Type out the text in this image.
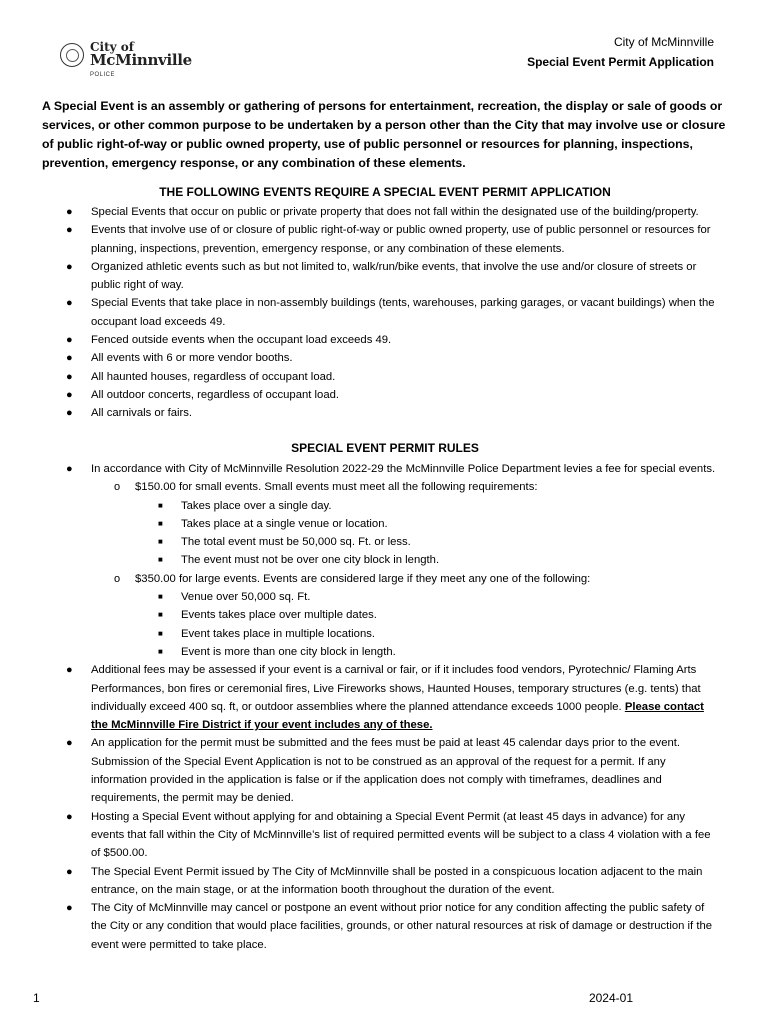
City of
McMinnville
POLICE
City of McMinnville
Special Event Permit Application
A Special Event is an assembly or gathering of persons for entertainment, recreation, the display or sale of goods or services, or other common purpose to be undertaken by a person other than the City that may involve use or closure of public right-of-way or public owned property, use of public personnel or resources for planning, inspections, prevention, emergency response, or any combination of these elements.
THE FOLLOWING EVENTS REQUIRE A SPECIAL EVENT PERMIT APPLICATION
● Special Events that occur on public or private property that does not fall within the designated use of the building/property.
● Events that involve use of or closure of public right-of-way or public owned property, use of public personnel or resources for planning, inspections, prevention, emergency response, or any combination of these elements.
● Organized athletic events such as but not limited to, walk/run/bike events, that involve the use and/or closure of streets or public right of way.
● Special Events that take place in non-assembly buildings (tents, warehouses, parking garages, or vacant buildings) when the occupant load exceeds 49.
● Fenced outside events when the occupant load exceeds 49.
● All events with 6 or more vendor booths.
● All haunted houses, regardless of occupant load.
● All outdoor concerts, regardless of occupant load.
● All carnivals or fairs.
SPECIAL EVENT PERMIT RULES
● In accordance with City of McMinnville Resolution 2022-29 the McMinnville Police Department levies a fee for special events.
o $150.00 for small events. Small events must meet all the following requirements:
■ Takes place over a single day.
■ Takes place at a single venue or location.
■ The total event must be 50,000 sq. Ft. or less.
■ The event must not be over one city block in length.
o $350.00 for large events. Events are considered large if they meet any one of the following:
■ Venue over 50,000 sq. Ft.
■ Events takes place over multiple dates.
■ Event takes place in multiple locations.
■ Event is more than one city block in length.
● Additional fees may be assessed if your event is a carnival or fair, or if it includes food vendors, Pyrotechnic/ Flaming Arts Performances, bon fires or ceremonial fires, Live Fireworks shows, Haunted Houses, temporary structures (e.g. tents) that individually exceed 400 sq. ft, or outdoor assemblies where the planned attendance exceeds 1000 people. Please contact the McMinnville Fire District if your event includes any of these.
● An application for the permit must be submitted and the fees must be paid at least 45 calendar days prior to the event. Submission of the Special Event Application is not to be construed as an approval of the request for a permit. If any information provided in the application is false or if the application does not comply with timeframes, deadlines and requirements, the permit may be denied.
● Hosting a Special Event without applying for and obtaining a Special Event Permit (at least 45 days in advance) for any events that fall within the City of McMinnville’s list of required permitted events will be subject to a class 4 violation with a fee of $500.00.
● The Special Event Permit issued by The City of McMinnville shall be posted in a conspicuous location adjacent to the main entrance, on the main stage, or at the information booth throughout the duration of the event.
● The City of McMinnville may cancel or postpone an event without prior notice for any condition affecting the public safety of the City or any condition that would place facilities, grounds, or other natural resources at risk of damage or destruction if the event were permitted to take place.
1	2024-01
